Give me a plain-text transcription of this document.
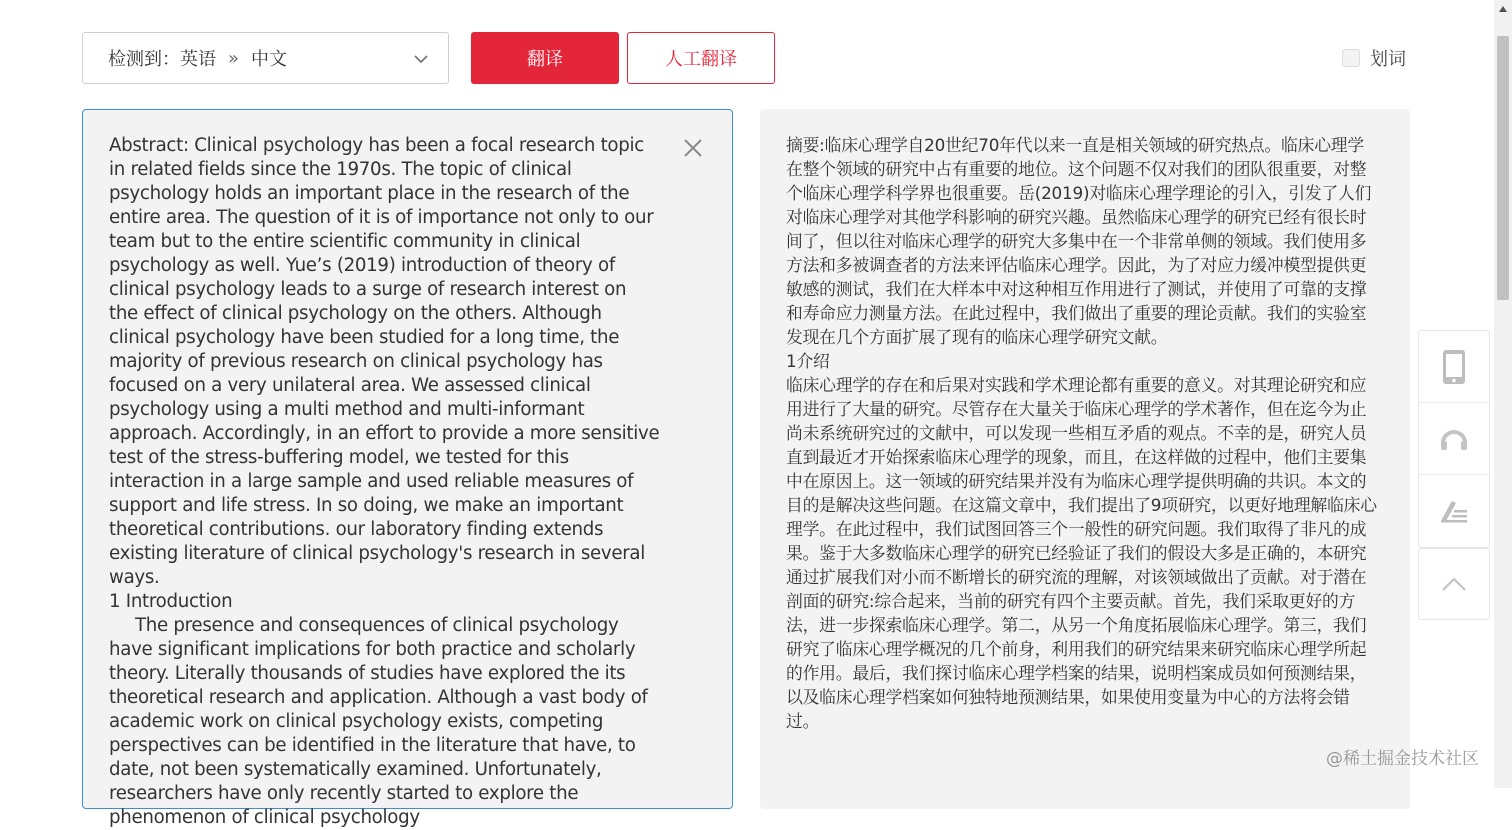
检测到： 英语 » 中文	翻译	人工翻译	划词

Abstract: Clinical psychology has been a focal research topic in related fields since the 1970s. The topic of clinical psychology holds an important place in the research of the entire area. The question of it is of importance not only to our team but to the entire scientific community in clinical psychology as well. Yue’s (2019) introduction of theory of clinical psychology leads to a surge of research interest on the effect of clinical psychology on the others. Although clinical psychology have been studied for a long time, the majority of previous research on clinical psychology has focused on a very unilateral area. We assessed clinical psychology using a multi method and multi-informant approach. Accordingly, in an effort to provide a more sensitive test of the stress-buffering model, we tested for this interaction in a large sample and used reliable measures of support and life stress. In so doing, we make an important theoretical contributions. our laboratory finding extends existing literature of clinical psychology's research in several ways.

1 Introduction

The presence and consequences of clinical psychology have significant implications for both practice and scholarly theory. Literally thousands of studies have explored the its theoretical research and application. Although a vast body of academic work on clinical psychology exists, competing perspectives can be identified in the literature that have, to date, not been systematically examined. Unfortunately, researchers have only recently started to explore the phenomenon of clinical psychology

摘要:临床心理学自20世纪70年代以来一直是相关领域的研究热点。临床心理学在整个领域的研究中占有重要的地位。这个问题不仅对我们的团队很重要，对整个临床心理学科学界也很重要。岳(2019)对临床心理学理论的引入，引发了人们对临床心理学对其他学科影响的研究兴趣。虽然临床心理学的研究已经有很长时间了，但以往对临床心理学的研究大多集中在一个非常单侧的领域。我们使用多方法和多被调查者的方法来评估临床心理学。因此，为了对应力缓冲模型提供更敏感的测试，我们在大样本中对这种相互作用进行了测试，并使用了可靠的支撑和寿命应力测量方法。在此过程中，我们做出了重要的理论贡献。我们的实验室发现在几个方面扩展了现有的临床心理学研究文献。

1介绍

临床心理学的存在和后果对实践和学术理论都有重要的意义。对其理论研究和应用进行了大量的研究。尽管存在大量关于临床心理学的学术著作，但在迄今为止尚未系统研究过的文献中，可以发现一些相互矛盾的观点。不幸的是，研究人员直到最近才开始探索临床心理学的现象，而且，在这样做的过程中，他们主要集中在原因上。这一领域的研究结果并没有为临床心理学提供明确的共识。本文的目的是解决这些问题。在这篇文章中，我们提出了9项研究，以更好地理解临床心理学。在此过程中，我们试图回答三个一般性的研究问题。我们取得了非凡的成果。鉴于大多数临床心理学的研究已经验证了我们的假设大多是正确的，本研究通过扩展我们对小而不断增长的研究流的理解，对该领域做出了贡献。对于潜在剖面的研究:综合起来，当前的研究有四个主要贡献。首先，我们采取更好的方法，进一步探索临床心理学。第二，从另一个角度拓展临床心理学。第三，我们研究了临床心理学概况的几个前身，利用我们的研究结果来研究临床心理学所起的作用。最后，我们探讨临床心理学档案的结果，说明档案成员如何预测结果，以及临床心理学档案如何独特地预测结果，如果使用变量为中心的方法将会错过。

@稀土掘金技术社区
